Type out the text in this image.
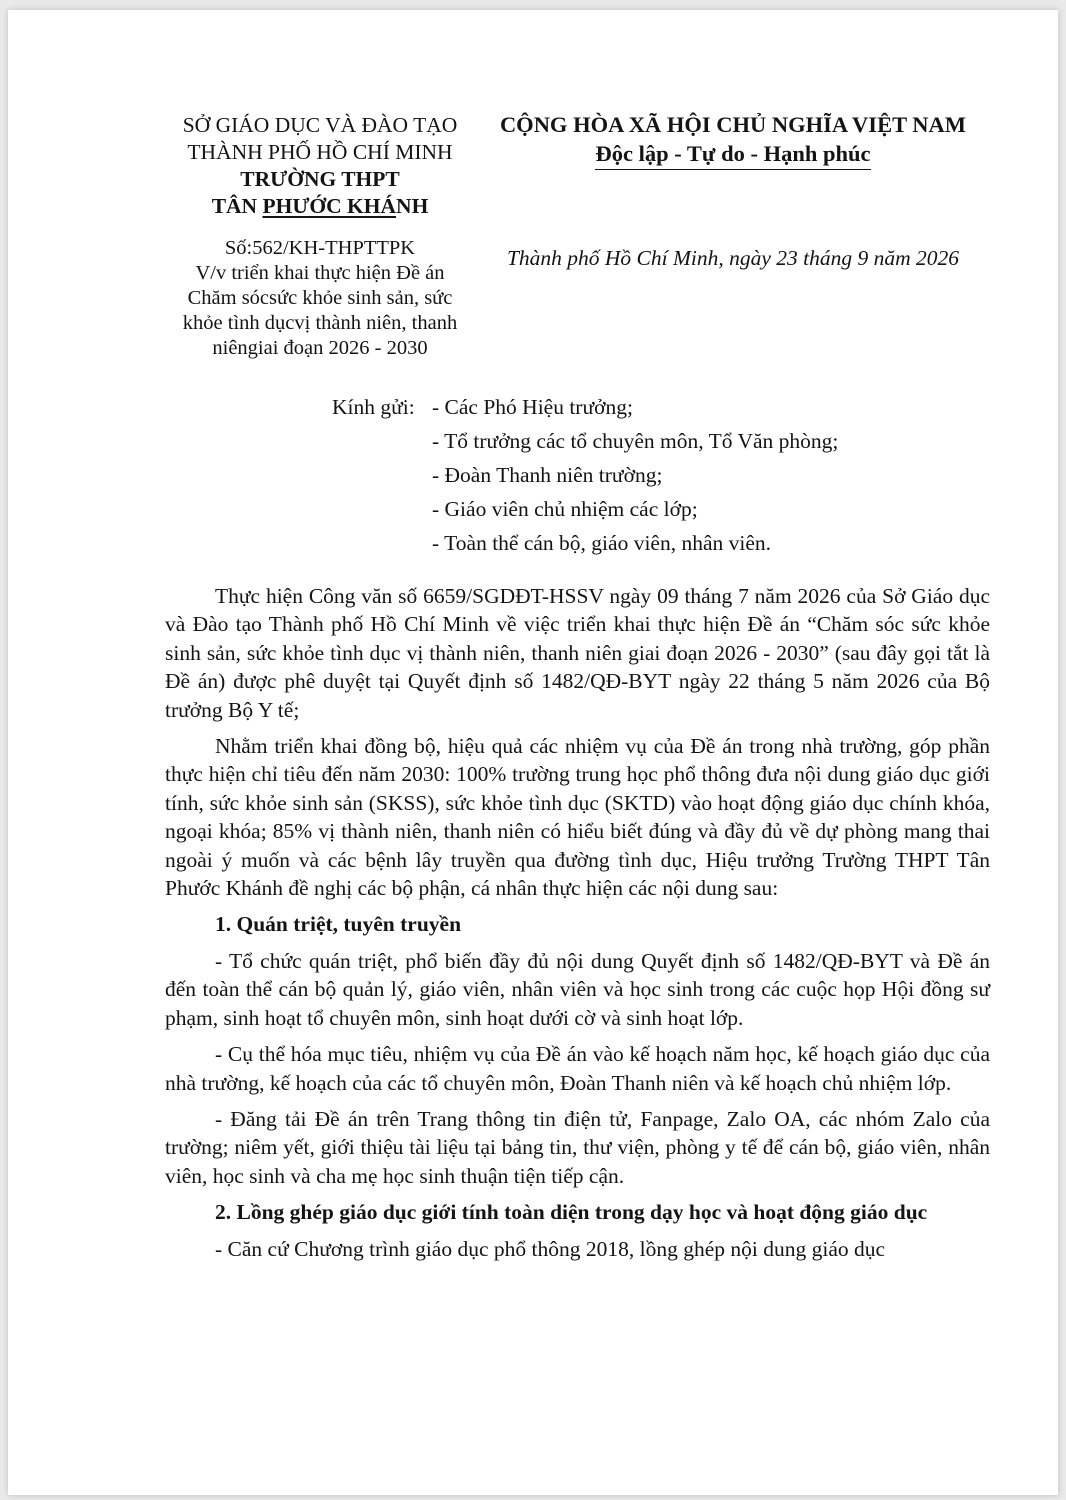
SỞ GIÁO DỤC VÀ ĐÀO TẠO
THÀNH PHỐ HỒ CHÍ MINH
TRƯỜNG THPT
TÂN PHƯỚC KHÁNH
CỘNG HÒA XÃ HỘI CHỦ NGHĨA VIỆT NAM
Độc lập - Tự do - Hạnh phúc
Số:562/KH-THPTTPK
V/v triển khai thực hiện Đề án
Chăm sócsức khỏe sinh sản, sức
khỏe tình dụcvị thành niên, thanh
niêngiai đoạn 2026 - 2030
Thành phố Hồ Chí Minh, ngày 23 tháng 9 năm 2026
Kính gửi: - Các Phó Hiệu trưởng;
- Tổ trưởng các tổ chuyên môn, Tổ Văn phòng;
- Đoàn Thanh niên trường;
- Giáo viên chủ nhiệm các lớp;
- Toàn thể cán bộ, giáo viên, nhân viên.

Thực hiện Công văn số 6659/SGDĐT-HSSV ngày 09 tháng 7 năm 2026 của Sở Giáo dục và Đào tạo Thành phố Hồ Chí Minh về việc triển khai thực hiện Đề án “Chăm sóc sức khỏe sinh sản, sức khỏe tình dục vị thành niên, thanh niên giai đoạn 2026 - 2030” (sau đây gọi tắt là Đề án) được phê duyệt tại Quyết định số 1482/QĐ-BYT ngày 22 tháng 5 năm 2026 của Bộ trưởng Bộ Y tế;

Nhằm triển khai đồng bộ, hiệu quả các nhiệm vụ của Đề án trong nhà trường, góp phần thực hiện chỉ tiêu đến năm 2030: 100% trường trung học phổ thông đưa nội dung giáo dục giới tính, sức khỏe sinh sản (SKSS), sức khỏe tình dục (SKTD) vào hoạt động giáo dục chính khóa, ngoại khóa; 85% vị thành niên, thanh niên có hiểu biết đúng và đầy đủ về dự phòng mang thai ngoài ý muốn và các bệnh lây truyền qua đường tình dục, Hiệu trưởng Trường THPT Tân Phước Khánh đề nghị các bộ phận, cá nhân thực hiện các nội dung sau:

1. Quán triệt, tuyên truyền

- Tổ chức quán triệt, phổ biến đầy đủ nội dung Quyết định số 1482/QĐ-BYT và Đề án đến toàn thể cán bộ quản lý, giáo viên, nhân viên và học sinh trong các cuộc họp Hội đồng sư phạm, sinh hoạt tổ chuyên môn, sinh hoạt dưới cờ và sinh hoạt lớp.

- Cụ thể hóa mục tiêu, nhiệm vụ của Đề án vào kế hoạch năm học, kế hoạch giáo dục của nhà trường, kế hoạch của các tổ chuyên môn, Đoàn Thanh niên và kế hoạch chủ nhiệm lớp.

- Đăng tải Đề án trên Trang thông tin điện tử, Fanpage, Zalo OA, các nhóm Zalo của trường; niêm yết, giới thiệu tài liệu tại bảng tin, thư viện, phòng y tế để cán bộ, giáo viên, nhân viên, học sinh và cha mẹ học sinh thuận tiện tiếp cận.

2. Lồng ghép giáo dục giới tính toàn diện trong dạy học và hoạt động giáo dục

- Căn cứ Chương trình giáo dục phổ thông 2018, lồng ghép nội dung giáo dục
